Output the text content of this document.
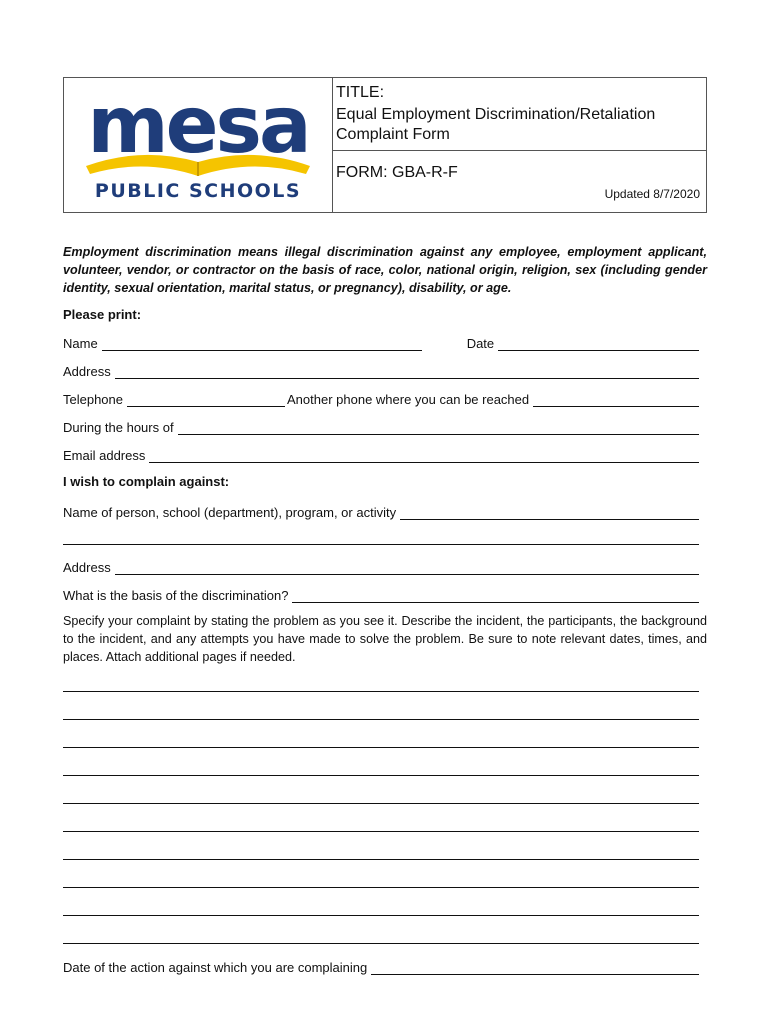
mesa
PUBLIC SCHOOLS
TITLE:
Equal Employment Discrimination/Retaliation Complaint Form
FORM: GBA-R-F
Updated 8/7/2020
Employment discrimination means illegal discrimination against any employee, employment applicant, volunteer, vendor, or contractor on the basis of race, color, national origin, religion, sex (including gender identity, sexual orientation, marital status, or pregnancy), disability, or age.
Please print:
Name	Date
Address
Telephone	Another phone where you can be reached
During the hours of
Email address
I wish to complain against:
Name of person, school (department), program, or activity
Address
What is the basis of the discrimination?
Specify your complaint by stating the problem as you see it. Describe the incident, the participants, the background to the incident, and any attempts you have made to solve the problem. Be sure to note relevant dates, times, and places. Attach additional pages if needed.
Date of the action against which you are complaining
